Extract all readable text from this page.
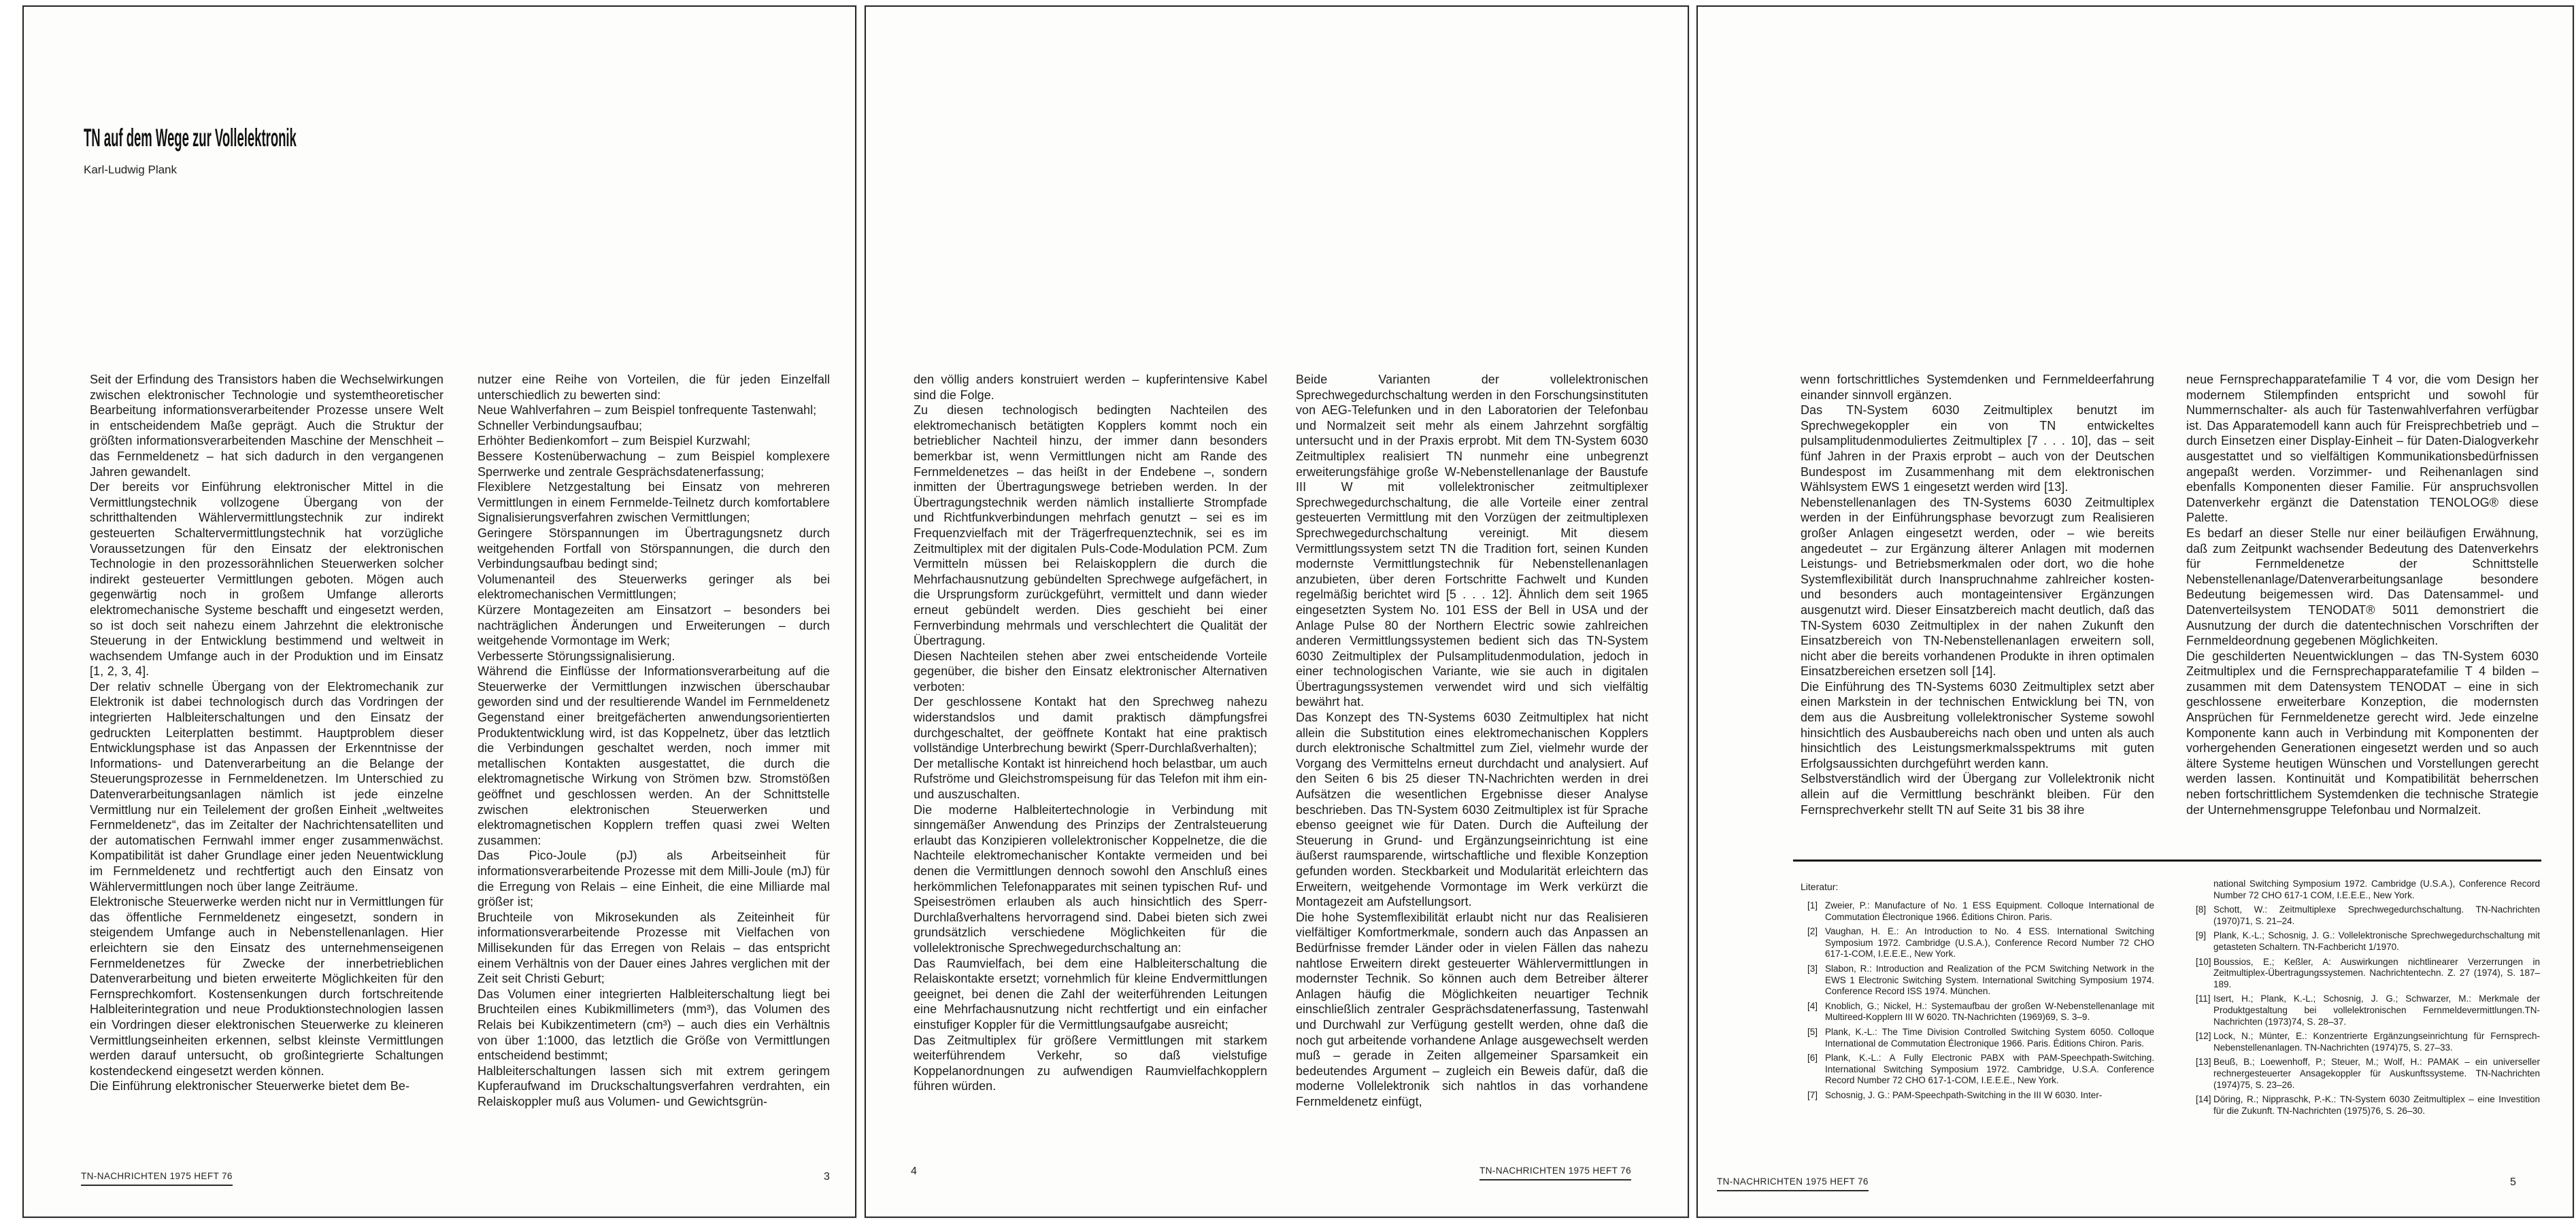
TN auf dem Wege zur Vollelektronik
Karl-Ludwig Plank

Seit der Erfindung des Transistors haben die Wechselwirkungen zwischen elektronischer Technologie und systemtheoretischer Bearbeitung informationsverarbeitender Prozesse unsere Welt in entscheidendem Maße geprägt. Auch die Struktur der größten informationsverarbeitenden Maschine der Menschheit – das Fernmeldenetz – hat sich dadurch in den vergangenen Jahren gewandelt.

Der bereits vor Einführung elektronischer Mittel in die Vermittlungstechnik vollzogene Übergang von der schritthaltenden Wählervermittlungstechnik zur indirekt gesteuerten Schaltervermittlungstechnik hat vorzügliche Voraussetzungen für den Einsatz der elektronischen Technologie in den prozessorähnlichen Steuerwerken solcher indirekt gesteuerter Vermittlungen geboten. Mögen auch gegenwärtig noch in großem Umfange allerorts elektromechanische Systeme beschafft und eingesetzt werden, so ist doch seit nahezu einem Jahrzehnt die elektronische Steuerung in der Entwicklung bestimmend und weltweit in wachsendem Umfange auch in der Produktion und im Einsatz [1, 2, 3, 4].

Der relativ schnelle Übergang von der Elektromechanik zur Elektronik ist dabei technologisch durch das Vordringen der integrierten Halbleiterschaltungen und den Einsatz der gedruckten Leiterplatten bestimmt. Hauptproblem dieser Entwicklungsphase ist das Anpassen der Erkenntnisse der Informations- und Datenverarbeitung an die Belange der Steuerungsprozesse in Fernmeldenetzen. Im Unterschied zu Datenverarbeitungsanlagen nämlich ist jede einzelne Vermittlung nur ein Teilelement der großen Einheit „weltweites Fernmeldenetz“, das im Zeitalter der Nachrichtensatelliten und der automatischen Fernwahl immer enger zusammenwächst. Kompatibilität ist daher Grundlage einer jeden Neuentwicklung im Fernmeldenetz und rechtfertigt auch den Einsatz von Wählervermittlungen noch über lange Zeiträume.

Elektronische Steuerwerke werden nicht nur in Vermittlungen für das öffentliche Fernmeldenetz eingesetzt, sondern in steigendem Umfange auch in Nebenstellenanlagen. Hier erleichtern sie den Einsatz des unternehmenseigenen Fernmeldenetzes für Zwecke der innerbetrieblichen Datenverarbeitung und bieten erweiterte Möglichkeiten für den Fernsprechkomfort. Kostensenkungen durch fortschreitende Halbleiterintegration und neue Produktionstechnologien lassen ein Vordringen dieser elektronischen Steuerwerke zu kleineren Vermittlungseinheiten erkennen, selbst kleinste Vermittlungen werden darauf untersucht, ob großintegrierte Schaltungen kostendeckend eingesetzt werden können.

Die Einführung elektronischer Steuerwerke bietet dem Be-

nutzer eine Reihe von Vorteilen, die für jeden Einzelfall unterschiedlich zu bewerten sind:

Neue Wahlverfahren – zum Beispiel tonfrequente Tastenwahl;

Schneller Verbindungsaufbau;

Erhöhter Bedienkomfort – zum Beispiel Kurzwahl;

Bessere Kostenüberwachung – zum Beispiel komplexere Sperrwerke und zentrale Gesprächsdatenerfassung;

Flexiblere Netzgestaltung bei Einsatz von mehreren Vermittlungen in einem Fernmelde-Teilnetz durch komfortablere Signalisierungsverfahren zwischen Vermittlungen;

Geringere Störspannungen im Übertragungsnetz durch weitgehenden Fortfall von Störspannungen, die durch den Verbindungsaufbau bedingt sind;

Volumenanteil des Steuerwerks geringer als bei elektromechanischen Vermittlungen;

Kürzere Montagezeiten am Einsatzort – besonders bei nachträglichen Änderungen und Erweiterungen – durch weitgehende Vormontage im Werk;

Verbesserte Störungssignalisierung.

Während die Einflüsse der Informationsverarbeitung auf die Steuerwerke der Vermittlungen inzwischen überschaubar geworden sind und der resultierende Wandel im Fernmeldenetz Gegenstand einer breitgefächerten anwendungsorientierten Produktentwicklung wird, ist das Koppelnetz, über das letztlich die Verbindungen geschaltet werden, noch immer mit metallischen Kontakten ausgestattet, die durch die elektromagnetische Wirkung von Strömen bzw. Stromstößen geöffnet und geschlossen werden. An der Schnittstelle zwischen elektronischen Steuerwerken und elektromagnetischen Kopplern treffen quasi zwei Welten zusammen:

Das Pico-Joule (pJ) als Arbeitseinheit für informationsverarbeitende Prozesse mit dem Milli-Joule (mJ) für die Erregung von Relais – eine Einheit, die eine Milliarde mal größer ist;

Bruchteile von Mikrosekunden als Zeiteinheit für informationsverarbeitende Prozesse mit Vielfachen von Millisekunden für das Erregen von Relais – das entspricht einem Verhältnis von der Dauer eines Jahres verglichen mit der Zeit seit Christi Geburt;

Das Volumen einer integrierten Halbleiterschaltung liegt bei Bruchteilen eines Kubikmillimeters (mm³), das Volumen des Relais bei Kubikzentimetern (cm³) – auch dies ein Verhältnis von über 1:1000, das letztlich die Größe von Vermittlungen entscheidend bestimmt;

Halbleiterschaltungen lassen sich mit extrem geringem Kupferaufwand im Druckschaltungsverfahren verdrahten, ein Relaiskoppler muß aus Volumen- und Gewichtsgrün-

TN-NACHRICHTEN 1975 HEFT 76	3

den völlig anders konstruiert werden – kupferintensive Kabel sind die Folge.

Zu diesen technologisch bedingten Nachteilen des elektromechanisch betätigten Kopplers kommt noch ein betrieblicher Nachteil hinzu, der immer dann besonders bemerkbar ist, wenn Vermittlungen nicht am Rande des Fernmeldenetzes – das heißt in der Endebene –, sondern inmitten der Übertragungswege betrieben werden. In der Übertragungstechnik werden nämlich installierte Strompfade und Richtfunkverbindungen mehrfach genutzt – sei es im Frequenzvielfach mit der Trägerfrequenztechnik, sei es im Zeitmultiplex mit der digitalen Puls-Code-Modulation PCM. Zum Vermitteln müssen bei Relaiskopplern die durch die Mehrfachausnutzung gebündelten Sprechwege aufgefächert, in die Ursprungsform zurückgeführt, vermittelt und dann wieder erneut gebündelt werden. Dies geschieht bei einer Fernverbindung mehrmals und verschlechtert die Qualität der Übertragung.

Diesen Nachteilen stehen aber zwei entscheidende Vorteile gegenüber, die bisher den Einsatz elektronischer Alternativen verboten:

Der geschlossene Kontakt hat den Sprechweg nahezu widerstandslos und damit praktisch dämpfungsfrei durchgeschaltet, der geöffnete Kontakt hat eine praktisch vollständige Unterbrechung bewirkt (Sperr-Durchlaßverhalten);

Der metallische Kontakt ist hinreichend hoch belastbar, um auch Rufströme und Gleichstromspeisung für das Telefon mit ihm ein- und auszuschalten.

Die moderne Halbleitertechnologie in Verbindung mit sinngemäßer Anwendung des Prinzips der Zentralsteuerung erlaubt das Konzipieren vollelektronischer Koppelnetze, die die Nachteile elektromechanischer Kontakte vermeiden und bei denen die Vermittlungen dennoch sowohl den Anschluß eines herkömmlichen Telefonapparates mit seinen typischen Ruf- und Speiseströmen erlauben als auch hinsichtlich des Sperr-Durchlaßverhaltens hervorragend sind. Dabei bieten sich zwei grundsätzlich verschiedene Möglichkeiten für die vollelektronische Sprechwegedurchschaltung an:

Das Raumvielfach, bei dem eine Halbleiterschaltung die Relaiskontakte ersetzt; vornehmlich für kleine Endvermittlungen geeignet, bei denen die Zahl der weiterführenden Leitungen eine Mehrfachausnutzung nicht rechtfertigt und ein einfacher einstufiger Koppler für die Vermittlungsaufgabe ausreicht;

Das Zeitmultiplex für größere Vermittlungen mit starkem weiterführendem Verkehr, so daß vielstufige Koppelanordnungen zu aufwendigen Raumvielfachkopplern führen würden.

Beide Varianten der vollelektronischen Sprechwegedurchschaltung werden in den Forschungsinstituten von AEG-Telefunken und in den Laboratorien der Telefonbau und Normalzeit seit mehr als einem Jahrzehnt sorgfältig untersucht und in der Praxis erprobt. Mit dem TN-System 6030 Zeitmultiplex realisiert TN nunmehr eine unbegrenzt erweiterungsfähige große W-Nebenstellenanlage der Baustufe III W mit vollelektronischer zeitmultiplexer Sprechwegedurchschaltung, die alle Vorteile einer zentral gesteuerten Vermittlung mit den Vorzügen der zeitmultiplexen Sprechwegedurchschaltung vereinigt. Mit diesem Vermittlungssystem setzt TN die Tradition fort, seinen Kunden modernste Vermittlungstechnik für Nebenstellenanlagen anzubieten, über deren Fortschritte Fachwelt und Kunden regelmäßig berichtet wird [5 . . . 12]. Ähnlich dem seit 1965 eingesetzten System No. 101 ESS der Bell in USA und der Anlage Pulse 80 der Northern Electric sowie zahlreichen anderen Vermittlungssystemen bedient sich das TN-System 6030 Zeitmultiplex der Pulsamplitudenmodulation, jedoch in einer technologischen Variante, wie sie auch in digitalen Übertragungssystemen verwendet wird und sich vielfältig bewährt hat.

Das Konzept des TN-Systems 6030 Zeitmultiplex hat nicht allein die Substitution eines elektromechanischen Kopplers durch elektronische Schaltmittel zum Ziel, vielmehr wurde der Vorgang des Vermittelns erneut durchdacht und analysiert. Auf den Seiten 6 bis 25 dieser TN-Nachrichten werden in drei Aufsätzen die wesentlichen Ergebnisse dieser Analyse beschrieben. Das TN-System 6030 Zeitmultiplex ist für Sprache ebenso geeignet wie für Daten. Durch die Aufteilung der Steuerung in Grund- und Ergänzungseinrichtung ist eine äußerst raumsparende, wirtschaftliche und flexible Konzeption gefunden worden. Steckbarkeit und Modularität erleichtern das Erweitern, weitgehende Vormontage im Werk verkürzt die Montagezeit am Aufstellungsort.

Die hohe Systemflexibilität erlaubt nicht nur das Realisieren vielfältiger Komfortmerkmale, sondern auch das Anpassen an Bedürfnisse fremder Länder oder in vielen Fällen das nahezu nahtlose Erweitern direkt gesteuerter Wählervermittlungen in modernster Technik. So können auch dem Betreiber älterer Anlagen häufig die Möglichkeiten neuartiger Technik einschließlich zentraler Gesprächsdatenerfassung, Tastenwahl und Durchwahl zur Verfügung gestellt werden, ohne daß die noch gut arbeitende vorhandene Anlage ausgewechselt werden muß – gerade in Zeiten allgemeiner Sparsamkeit ein bedeutendes Argument – zugleich ein Beweis dafür, daß die moderne Vollelektronik sich nahtlos in das vorhandene Fernmeldenetz einfügt,

4	TN-NACHRICHTEN 1975 HEFT 76

wenn fortschrittliches Systemdenken und Fernmeldeerfahrung einander sinnvoll ergänzen.

Das TN-System 6030 Zeitmultiplex benutzt im Sprechwegekoppler ein von TN entwickeltes pulsamplitudenmoduliertes Zeitmultiplex [7 . . . 10], das – seit fünf Jahren in der Praxis erprobt – auch von der Deutschen Bundespost im Zusammenhang mit dem elektronischen Wählsystem EWS 1 eingesetzt werden wird [13].

Nebenstellenanlagen des TN-Systems 6030 Zeitmultiplex werden in der Einführungsphase bevorzugt zum Realisieren großer Anlagen eingesetzt werden, oder – wie bereits angedeutet – zur Ergänzung älterer Anlagen mit modernen Leistungs- und Betriebsmerkmalen oder dort, wo die hohe Systemflexibilität durch Inanspruchnahme zahlreicher kosten- und besonders auch montageintensiver Ergänzungen ausgenutzt wird. Dieser Einsatzbereich macht deutlich, daß das TN-System 6030 Zeitmultiplex in der nahen Zukunft den Einsatzbereich von TN-Nebenstellenanlagen erweitern soll, nicht aber die bereits vorhandenen Produkte in ihren optimalen Einsatzbereichen ersetzen soll [14].

Die Einführung des TN-Systems 6030 Zeitmultiplex setzt aber einen Markstein in der technischen Entwicklung bei TN, von dem aus die Ausbreitung vollelektronischer Systeme sowohl hinsichtlich des Ausbaubereichs nach oben und unten als auch hinsichtlich des Leistungsmerkmalsspektrums mit guten Erfolgsaussichten durchgeführt werden kann.

Selbstverständlich wird der Übergang zur Vollelektronik nicht allein auf die Vermittlung beschränkt bleiben. Für den Fernsprechverkehr stellt TN auf Seite 31 bis 38 ihre

neue Fernsprechapparatefamilie T 4 vor, die vom Design her modernem Stilempfinden entspricht und sowohl für Nummernschalter- als auch für Tastenwahlverfahren verfügbar ist. Das Apparatemodell kann auch für Freisprechbetrieb und – durch Einsetzen einer Display-Einheit – für Daten-Dialogverkehr ausgestattet und so vielfältigen Kommunikationsbedürfnissen angepaßt werden. Vorzimmer- und Reihenanlagen sind ebenfalls Komponenten dieser Familie. Für anspruchsvollen Datenverkehr ergänzt die Datenstation TENOLOG® diese Palette.

Es bedarf an dieser Stelle nur einer beiläufigen Erwähnung, daß zum Zeitpunkt wachsender Bedeutung des Datenverkehrs für Fernmeldenetze der Schnittstelle Nebenstellenanlage/Datenverarbeitungsanlage besondere Bedeutung beigemessen wird. Das Datensammel- und Datenverteilsystem TENODAT® 5011 demonstriert die Ausnutzung der durch die datentechnischen Vorschriften der Fernmeldeordnung gegebenen Möglichkeiten.

Die geschilderten Neuentwicklungen – das TN-System 6030 Zeitmultiplex und die Fernsprechapparatefamilie T 4 bilden – zusammen mit dem Datensystem TENODAT – eine in sich geschlossene erweiterbare Konzeption, die modernsten Ansprüchen für Fernmeldenetze gerecht wird. Jede einzelne Komponente kann auch in Verbindung mit Komponenten der vorhergehenden Generationen eingesetzt werden und so auch ältere Systeme heutigen Wünschen und Vorstellungen gerecht werden lassen. Kontinuität und Kompatibilität beherrschen neben fortschrittlichem Systemdenken die technische Strategie der Unternehmensgruppe Telefonbau und Normalzeit.

Literatur:
[1] Zweier, P.: Manufacture of No. 1 ESS Equipment. Colloque International de Commutation Électronique 1966. Éditions Chiron. Paris.
[2] Vaughan, H. E.: An Introduction to No. 4 ESS. International Switching Symposium 1972. Cambridge (U.S.A.), Conference Record Number 72 CHO 617-1-COM, I.E.E.E., New York.
[3] Slabon, R.: Introduction and Realization of the PCM Switching Network in the EWS 1 Electronic Switching System. International Switching Symposium 1974. Conference Record ISS 1974. München.
[4] Knoblich, G.; Nickel, H.: Systemaufbau der großen W-Nebenstellenanlage mit Multireed-Kopplern III W 6020. TN-Nachrichten (1969)69, S. 3–9.
[5] Plank, K.-L.: The Time Division Controlled Switching System 6050. Colloque International de Commutation Électronique 1966. Paris. Éditions Chiron. Paris.
[6] Plank, K.-L.: A Fully Electronic PABX with PAM-Speechpath-Switching. International Switching Symposium 1972. Cambridge, U.S.A. Conference Record Number 72 CHO 617-1-COM, I.E.E.E., New York.
[7] Schosnig, J. G.: PAM-Speechpath-Switching in the III W 6030. Inter-
national Switching Symposium 1972. Cambridge (U.S.A.), Conference Record Number 72 CHO 617-1 COM, I.E.E.E., New York.
[8] Schott, W.: Zeitmultiplexe Sprechwegedurchschaltung. TN-Nachrichten (1970)71, S. 21–24.
[9] Plank, K.-L.; Schosnig, J. G.: Vollelektronische Sprechwegedurchschaltung mit getasteten Schaltern. TN-Fachbericht 1/1970.
[10] Boussios, E.; Keßler, A: Auswirkungen nichtlinearer Verzerrungen in Zeitmultiplex-Übertragungssystemen. Nachrichtentechn. Z. 27 (1974), S. 187–189.
[11] Isert, H.; Plank, K.-L.; Schosnig, J. G.; Schwarzer, M.: Merkmale der Produktgestaltung bei vollelektronischen Fernmeldevermittlungen.TN-Nachrichten (1973)74, S. 28–37.
[12] Lock, N.; Münter, E.: Konzentrierte Ergänzungseinrichtung für Fernsprech-Nebenstellenanlagen. TN-Nachrichten (1974)75, S. 27–33.
[13] Beuß, B.; Loewenhoff, P.; Steuer, M.; Wolf, H.: PAMAK – ein universeller rechnergesteuerter Ansagekoppler für Auskunftssysteme. TN-Nachrichten (1974)75, S. 23–26.
[14] Döring, R.; Nippraschk, P.-K.: TN-System 6030 Zeitmultiplex – eine Investition für die Zukunft. TN-Nachrichten (1975)76, S. 26–30.
TN-NACHRICHTEN 1975 HEFT 76	5
